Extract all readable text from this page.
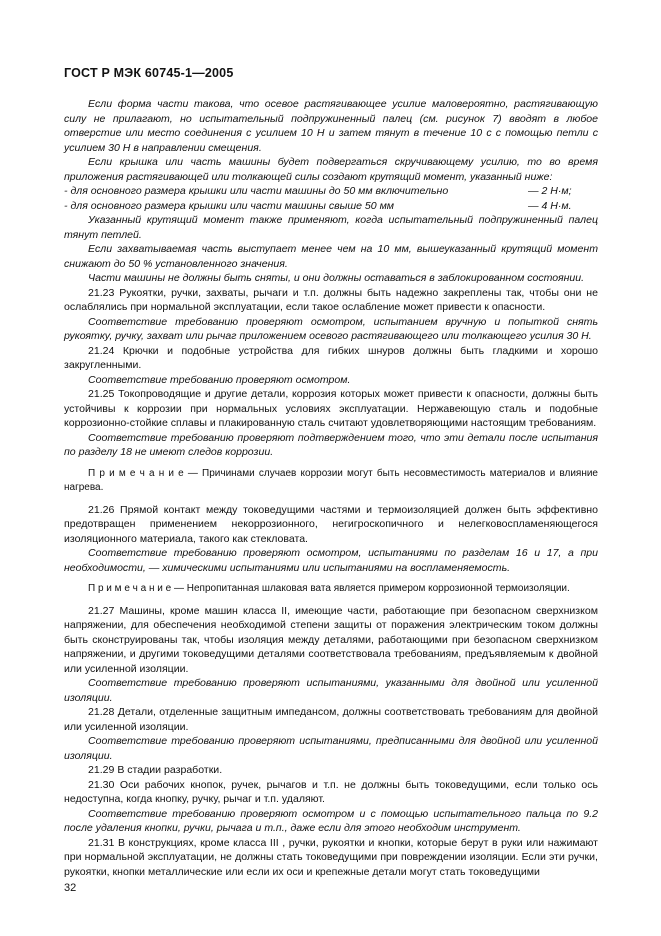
ГОСТ Р МЭК 60745-1—2005

Если форма части такова, что осевое растягивающее усилие маловероятно, растягивающую силу не прилагают, но испытательный подпружиненный палец (см. рисунок 7) вводят в любое отверстие или место соединения с усилием 10 Н и затем тянут в течение 10 с с помощью петли с усилием 30 Н в направлении смещения.

Если крышка или часть машины будет подвергаться скручивающему усилию, то во время приложения растягивающей или толкающей силы создают крутящий момент, указанный ниже:

- для основного размера крышки или части машины до 50 мм включительно	— 2 Н·м;
- для основного размера крышки или части машины свыше 50 мм	— 4 Н·м.

Указанный крутящий момент также применяют, когда испытательный подпружиненный палец тянут петлей.

Если захватываемая часть выступает менее чем на 10 мм, вышеуказанный крутящий момент снижают до 50 % установленного значения.

Части машины не должны быть сняты, и они должны оставаться в заблокированном состоянии.

21.23 Рукоятки, ручки, захваты, рычаги и т.п. должны быть надежно закреплены так, чтобы они не ослаблялись при нормальной эксплуатации, если такое ослабление может привести к опасности.

Соответствие требованию проверяют осмотром, испытанием вручную и попыткой снять рукоятку, ручку, захват или рычаг приложением осевого растягивающего или толкающего усилия 30 Н.

21.24 Крючки и подобные устройства для гибких шнуров должны быть гладкими и хорошо закругленными.

Соответствие требованию проверяют осмотром.

21.25 Токопроводящие и другие детали, коррозия которых может привести к опасности, должны быть устойчивы к коррозии при нормальных условиях эксплуатации. Нержавеющую сталь и подобные коррозионно-стойкие сплавы и плакированную сталь считают удовлетворяющими настоящим требованиям.

Соответствие требованию проверяют подтверждением того, что эти детали после испытания по разделу 18 не имеют следов коррозии.

П р и м е ч а н и е — Причинами случаев коррозии могут быть несовместимость материалов и влияние нагрева.

21.26 Прямой контакт между токоведущими частями и термоизоляцией должен быть эффективно предотвращен применением некоррозионного, негигроскопичного и нелегковоспламеняющегося изоляционного материала, такого как стекловата.

Соответствие требованию проверяют осмотром, испытаниями по разделам 16 и 17, а при необходимости, — химическими испытаниями или испытаниями на воспламеняемость.

П р и м е ч а н и е — Непропитанная шлаковая вата является примером коррозионной термоизоляции.

21.27 Машины, кроме машин класса II, имеющие части, работающие при безопасном сверхнизком напряжении, для обеспечения необходимой степени защиты от поражения электрическим током должны быть сконструированы так, чтобы изоляция между деталями, работающими при безопасном сверхнизком напряжении, и другими токоведущими деталями соответствовала требованиям, предъявляемым к двойной или усиленной изоляции.

Соответствие требованию проверяют испытаниями, указанными для двойной или усиленной изоляции.

21.28 Детали, отделенные защитным импедансом, должны соответствовать требованиям для двойной или усиленной изоляции.

Соответствие требованию проверяют испытаниями, предписанными для двойной или усиленной изоляции.

21.29 В стадии разработки.

21.30 Оси рабочих кнопок, ручек, рычагов и т.п. не должны быть токоведущими, если только ось недоступна, когда кнопку, ручку, рычаг и т.п. удаляют.

Соответствие требованию проверяют осмотром и с помощью испытательного пальца по 9.2 после удаления кнопки, ручки, рычага и т.п., даже если для этого необходим инструмент.

21.31 В конструкциях, кроме класса III , ручки, рукоятки и кнопки, которые берут в руки или нажимают при нормальной эксплуатации, не должны стать токоведущими при повреждении изоляции. Если эти ручки, рукоятки, кнопки металлические или если их оси и крепежные детали могут стать токоведущими

32
